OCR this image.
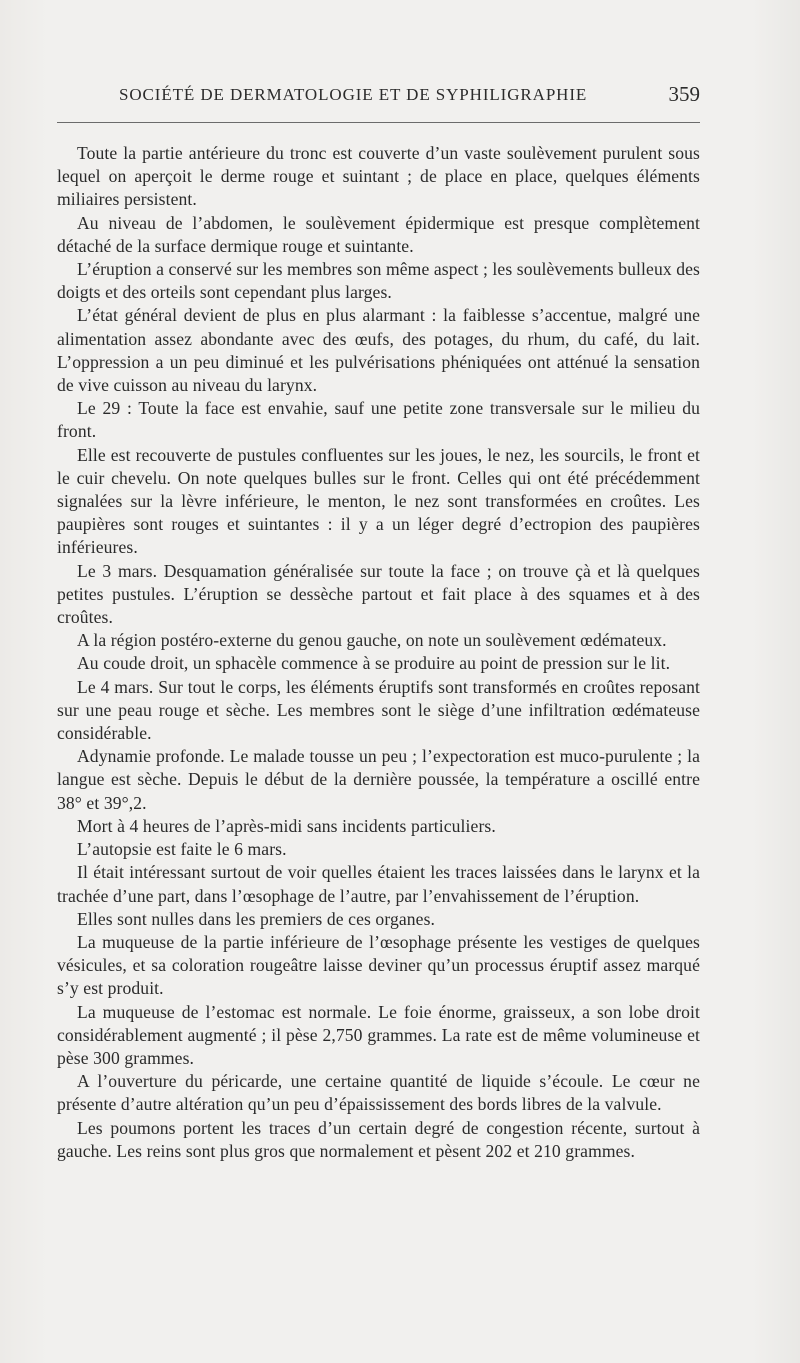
SOCIÉTÉ DE DERMATOLOGIE ET DE SYPHILIGRAPHIE	359

Toute la partie antérieure du tronc est couverte d’un vaste soulèvement purulent sous lequel on aperçoit le derme rouge et suintant ; de place en place, quelques éléments miliaires persistent.

Au niveau de l’abdomen, le soulèvement épidermique est presque complètement détaché de la surface dermique rouge et suintante.

L’éruption a conservé sur les membres son même aspect ; les soulèvements bulleux des doigts et des orteils sont cependant plus larges.

L’état général devient de plus en plus alarmant : la faiblesse s’accentue, malgré une alimentation assez abondante avec des œufs, des potages, du rhum, du café, du lait. L’oppression a un peu diminué et les pulvérisations phéniquées ont atténué la sensation de vive cuisson au niveau du larynx.

Le 29 : Toute la face est envahie, sauf une petite zone transversale sur le milieu du front.

Elle est recouverte de pustules confluentes sur les joues, le nez, les sourcils, le front et le cuir chevelu. On note quelques bulles sur le front. Celles qui ont été précédemment signalées sur la lèvre inférieure, le menton, le nez sont transformées en croûtes. Les paupières sont rouges et suintantes : il y a un léger degré d’ectropion des paupières inférieures.

Le 3 mars. Desquamation généralisée sur toute la face ; on trouve çà et là quelques petites pustules. L’éruption se dessèche partout et fait place à des squames et à des croûtes.

A la région postéro-externe du genou gauche, on note un soulèvement œdémateux.

Au coude droit, un sphacèle commence à se produire au point de pression sur le lit.

Le 4 mars. Sur tout le corps, les éléments éruptifs sont transformés en croûtes reposant sur une peau rouge et sèche. Les membres sont le siège d’une infiltration œdémateuse considérable.

Adynamie profonde. Le malade tousse un peu ; l’expectoration est muco-purulente ; la langue est sèche. Depuis le début de la dernière poussée, la température a oscillé entre 38° et 39°,2.

Mort à 4 heures de l’après-midi sans incidents particuliers.

L’autopsie est faite le 6 mars.

Il était intéressant surtout de voir quelles étaient les traces laissées dans le larynx et la trachée d’une part, dans l’œsophage de l’autre, par l’envahissement de l’éruption.

Elles sont nulles dans les premiers de ces organes.

La muqueuse de la partie inférieure de l’œsophage présente les vestiges de quelques vésicules, et sa coloration rougeâtre laisse deviner qu’un processus éruptif assez marqué s’y est produit.

La muqueuse de l’estomac est normale. Le foie énorme, graisseux, a son lobe droit considérablement augmenté ; il pèse 2,750 grammes. La rate est de même volumineuse et pèse 300 grammes.

A l’ouverture du péricarde, une certaine quantité de liquide s’écoule. Le cœur ne présente d’autre altération qu’un peu d’épaississement des bords libres de la valvule.

Les poumons portent les traces d’un certain degré de congestion récente, surtout à gauche. Les reins sont plus gros que normalement et pèsent 202 et 210 grammes.
